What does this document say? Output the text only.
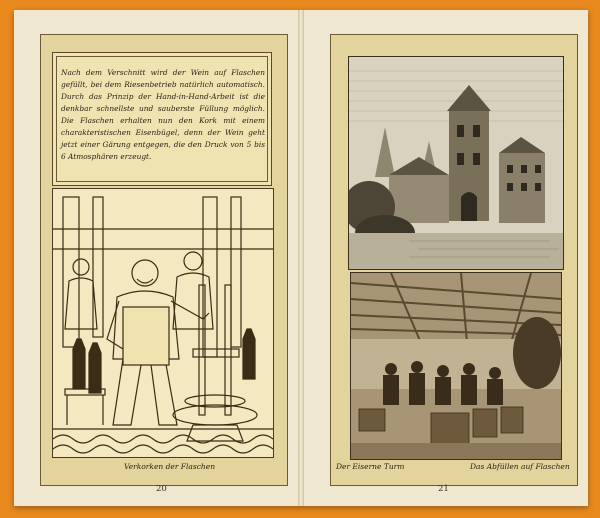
Nach dem Verschnitt wird der Wein auf Flaschen gefüllt, bei dem Riesenbetrieb natürlich automatisch. Durch das Prinzip der Hand-in-Hand-Arbeit ist die denkbar schnellste und sauberste Füllung möglich. Die Flaschen erhalten nun den Kork mit einem charakteristischen Eisenbügel, denn der Wein geht jetzt einer Gärung entgegen, die den Druck von 5 bis 6 Atmosphären erzeugt.
Verkorken der Flaschen
20
Der Eiserne Turm	Das Abfüllen auf Flaschen
21
